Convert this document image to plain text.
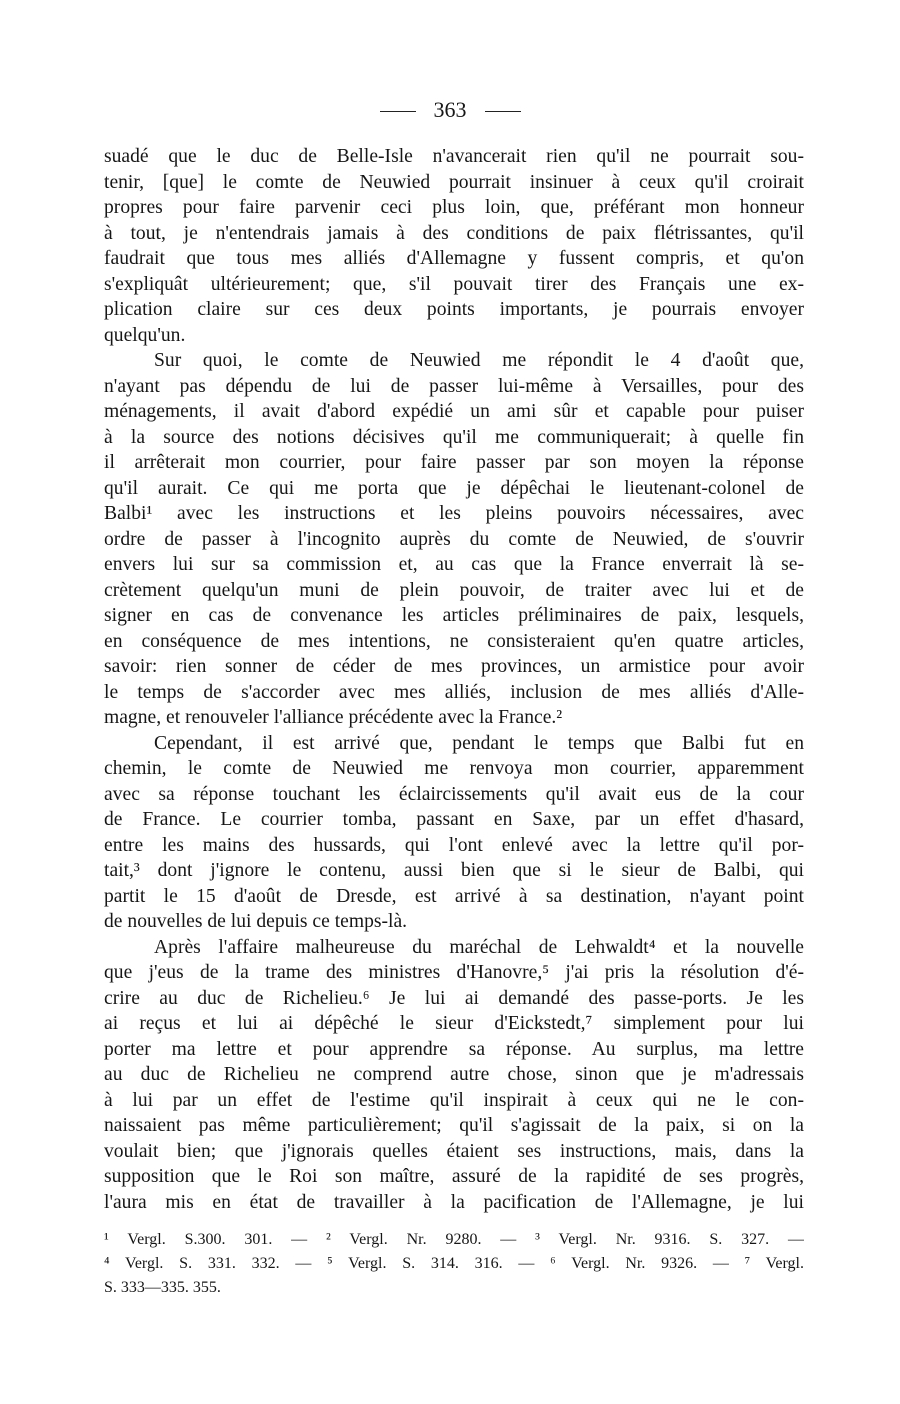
363
suadé que le duc de Belle-Isle n'avancerait rien qu'il ne pourrait sou-
tenir, [que] le comte de Neuwied pourrait insinuer à ceux qu'il croirait
propres pour faire parvenir ceci plus loin, que, préférant mon honneur
à tout, je n'entendrais jamais à des conditions de paix flétrissantes, qu'il
faudrait que tous mes alliés d'Allemagne y fussent compris, et qu'on
s'expliquât ultérieurement; que, s'il pouvait tirer des Français une ex-
plication claire sur ces deux points importants, je pourrais envoyer
quelqu'un.
Sur quoi, le comte de Neuwied me répondit le 4 d'août que,
n'ayant pas dépendu de lui de passer lui-même à Versailles, pour des
ménagements, il avait d'abord expédié un ami sûr et capable pour puiser
à la source des notions décisives qu'il me communiquerait; à quelle fin
il arrêterait mon courrier, pour faire passer par son moyen la réponse
qu'il aurait. Ce qui me porta que je dépêchai le lieutenant-colonel de
Balbi¹ avec les instructions et les pleins pouvoirs nécessaires, avec
ordre de passer à l'incognito auprès du comte de Neuwied, de s'ouvrir
envers lui sur sa commission et, au cas que la France enverrait là se-
crètement quelqu'un muni de plein pouvoir, de traiter avec lui et de
signer en cas de convenance les articles préliminaires de paix, lesquels,
en conséquence de mes intentions, ne consisteraient qu'en quatre articles,
savoir: rien sonner de céder de mes provinces, un armistice pour avoir
le temps de s'accorder avec mes alliés, inclusion de mes alliés d'Alle-
magne, et renouveler l'alliance précédente avec la France.²
Cependant, il est arrivé que, pendant le temps que Balbi fut en
chemin, le comte de Neuwied me renvoya mon courrier, apparemment
avec sa réponse touchant les éclaircissements qu'il avait eus de la cour
de France. Le courrier tomba, passant en Saxe, par un effet d'hasard,
entre les mains des hussards, qui l'ont enlevé avec la lettre qu'il por-
tait,³ dont j'ignore le contenu, aussi bien que si le sieur de Balbi, qui
partit le 15 d'août de Dresde, est arrivé à sa destination, n'ayant point
de nouvelles de lui depuis ce temps-là.
Après l'affaire malheureuse du maréchal de Lehwaldt⁴ et la nouvelle
que j'eus de la trame des ministres d'Hanovre,⁵ j'ai pris la résolution d'é-
crire au duc de Richelieu.⁶ Je lui ai demandé des passe-ports. Je les
ai reçus et lui ai dépêché le sieur d'Eickstedt,⁷ simplement pour lui
porter ma lettre et pour apprendre sa réponse. Au surplus, ma lettre
au duc de Richelieu ne comprend autre chose, sinon que je m'adressais
à lui par un effet de l'estime qu'il inspirait à ceux qui ne le con-
naissaient pas même particulièrement; qu'il s'agissait de la paix, si on la
voulait bien; que j'ignorais quelles étaient ses instructions, mais, dans la
supposition que le Roi son maître, assuré de la rapidité de ses progrès,
l'aura mis en état de travailler à la pacification de l'Allemagne, je lui
¹ Vergl. S.300. 301. — ² Vergl. Nr. 9280. — ³ Vergl. Nr. 9316. S. 327. —
⁴ Vergl. S. 331. 332. — ⁵ Vergl. S. 314. 316. — ⁶ Vergl. Nr. 9326. — ⁷ Vergl.
S. 333—335. 355.
